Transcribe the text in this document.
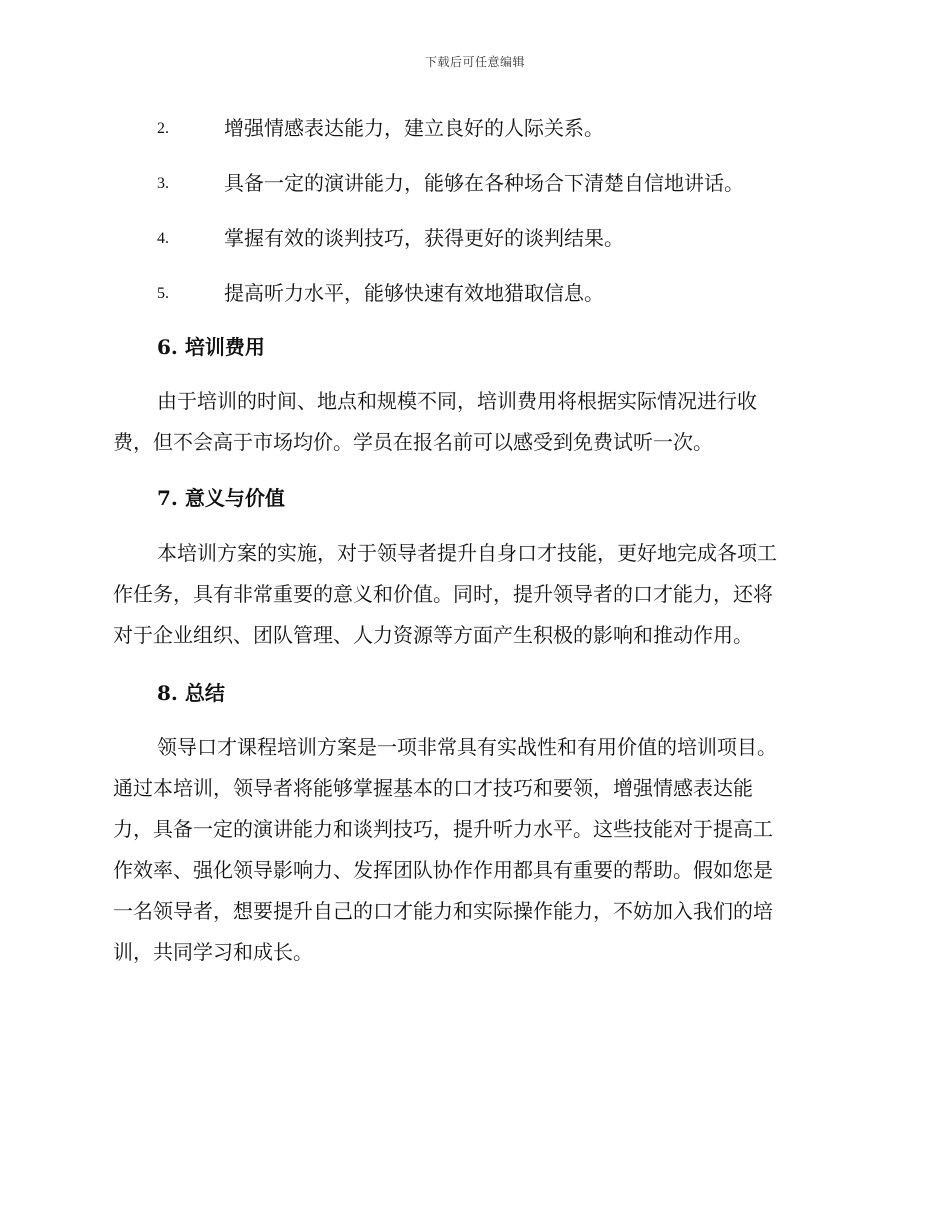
下载后可任意编辑
2.	增强情感表达能力，建立良好的人际关系。
3.	具备一定的演讲能力，能够在各种场合下清楚自信地讲话。
4.	掌握有效的谈判技巧，获得更好的谈判结果。
5.	提高听力水平，能够快速有效地猎取信息。
6. 培训费用
由于培训的时间、地点和规模不同，培训费用将根据实际情况进行收
费，但不会高于市场均价。学员在报名前可以感受到免费试听一次。
7. 意义与价值
本培训方案的实施，对于领导者提升自身口才技能，更好地完成各项工
作任务，具有非常重要的意义和价值。同时，提升领导者的口才能力，还将
对于企业组织、团队管理、人力资源等方面产生积极的影响和推动作用。
8. 总结
领导口才课程培训方案是一项非常具有实战性和有用价值的培训项目。
通过本培训，领导者将能够掌握基本的口才技巧和要领，增强情感表达能
力，具备一定的演讲能力和谈判技巧，提升听力水平。这些技能对于提高工
作效率、强化领导影响力、发挥团队协作作用都具有重要的帮助。假如您是
一名领导者，想要提升自己的口才能力和实际操作能力，不妨加入我们的培
训，共同学习和成长。
